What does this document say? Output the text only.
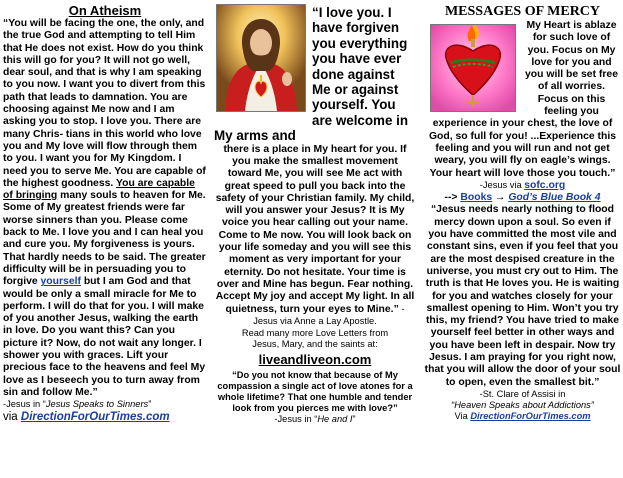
On Atheism
“You will be facing the one, the only, and the true God and attempting to tell Him that He does not exist. How do you think this will go for you? It will not go well, dear soul, and that is why I am speaking to you now. I want you to divert from this path that leads to damnation. You are choosing against Me now and I am asking you to stop. I love you. There are many Chris- tians in this world who love you and My love will flow through them to you. I want you for My Kingdom. I need you to serve Me. You are capable of the highest goodness. You are capable of bringing many souls to heaven for Me. Some of My greatest friends were far worse sinners than you. Please come back to Me. I love you and I can heal you and cure you. My forgiveness is yours. That hardly needs to be said. The greater difficulty will be in persuading you to forgive yourself but I am God and that would be only a small miracle for Me to perform. I will do that for you. I will make of you another Jesus, walking the earth in love. Do you want this? Can you picture it? Now, do not wait any longer. I shower you with graces. Lift your precious face to the heavens and feel My love as I beseech you to turn away from sin and follow Me.”
-Jesus in “Jesus Speaks to Sinners”
via DirectionForOurTimes.com
“I love you. I have forgiven you everything you have ever done against Me or against yourself. You are welcome in My arms and
there is a place in My heart for you. If you make the smallest movement toward Me, you will see Me act with great speed to pull you back into the safety of your Christian family. My child, will you answer your Jesus? It is My voice you hear calling out your name. Come to Me now. You will look back on your life someday and you will see this moment as very important for your eternity. Do not hesitate. Your time is over and Mine has begun. Fear nothing. Accept My joy and accept My light. In all quietness, turn your eyes to Mine.” -Jesus via Anne a Lay Apostle.
Read many more Love Letters from
Jesus, Mary, and the saints at:
liveandliveon.com
“Do you not know that because of My compassion a single act of love atones for a whole lifetime? That one humble and tender look from you pierces me with love?”
-Jesus in “He and I”
MESSAGES OF MERCY
My Heart is ablaze for such love of you. Focus on My love for you and you will be set free of all worries. Focus on this feeling you experience in your chest, the love of God, so full for you! ...Experience this feeling and you will run and not get weary, you will fly on eagle’s wings. Your heart will love those you touch.”
-Jesus via sofc.org
--> Books → God’s Blue Book 4
“Jesus needs nearly nothing to flood mercy down upon a soul. So even if you have committed the most vile and constant sins, even if you feel that you are the most despised creature in the universe, you must cry out to Him. The truth is that He loves you. He is waiting for you and watches closely for your smallest opening to Him. Won’t you try this, my friend? You have tried to make yourself feel better in other ways and you have been left in despair. Now try Jesus. I am praying for you right now, that you will allow the door of your soul to open, even the smallest bit.”
-St. Clare of Assisi in
“Heaven Speaks about Addictions”
Via DirectionForOurTimes.com
